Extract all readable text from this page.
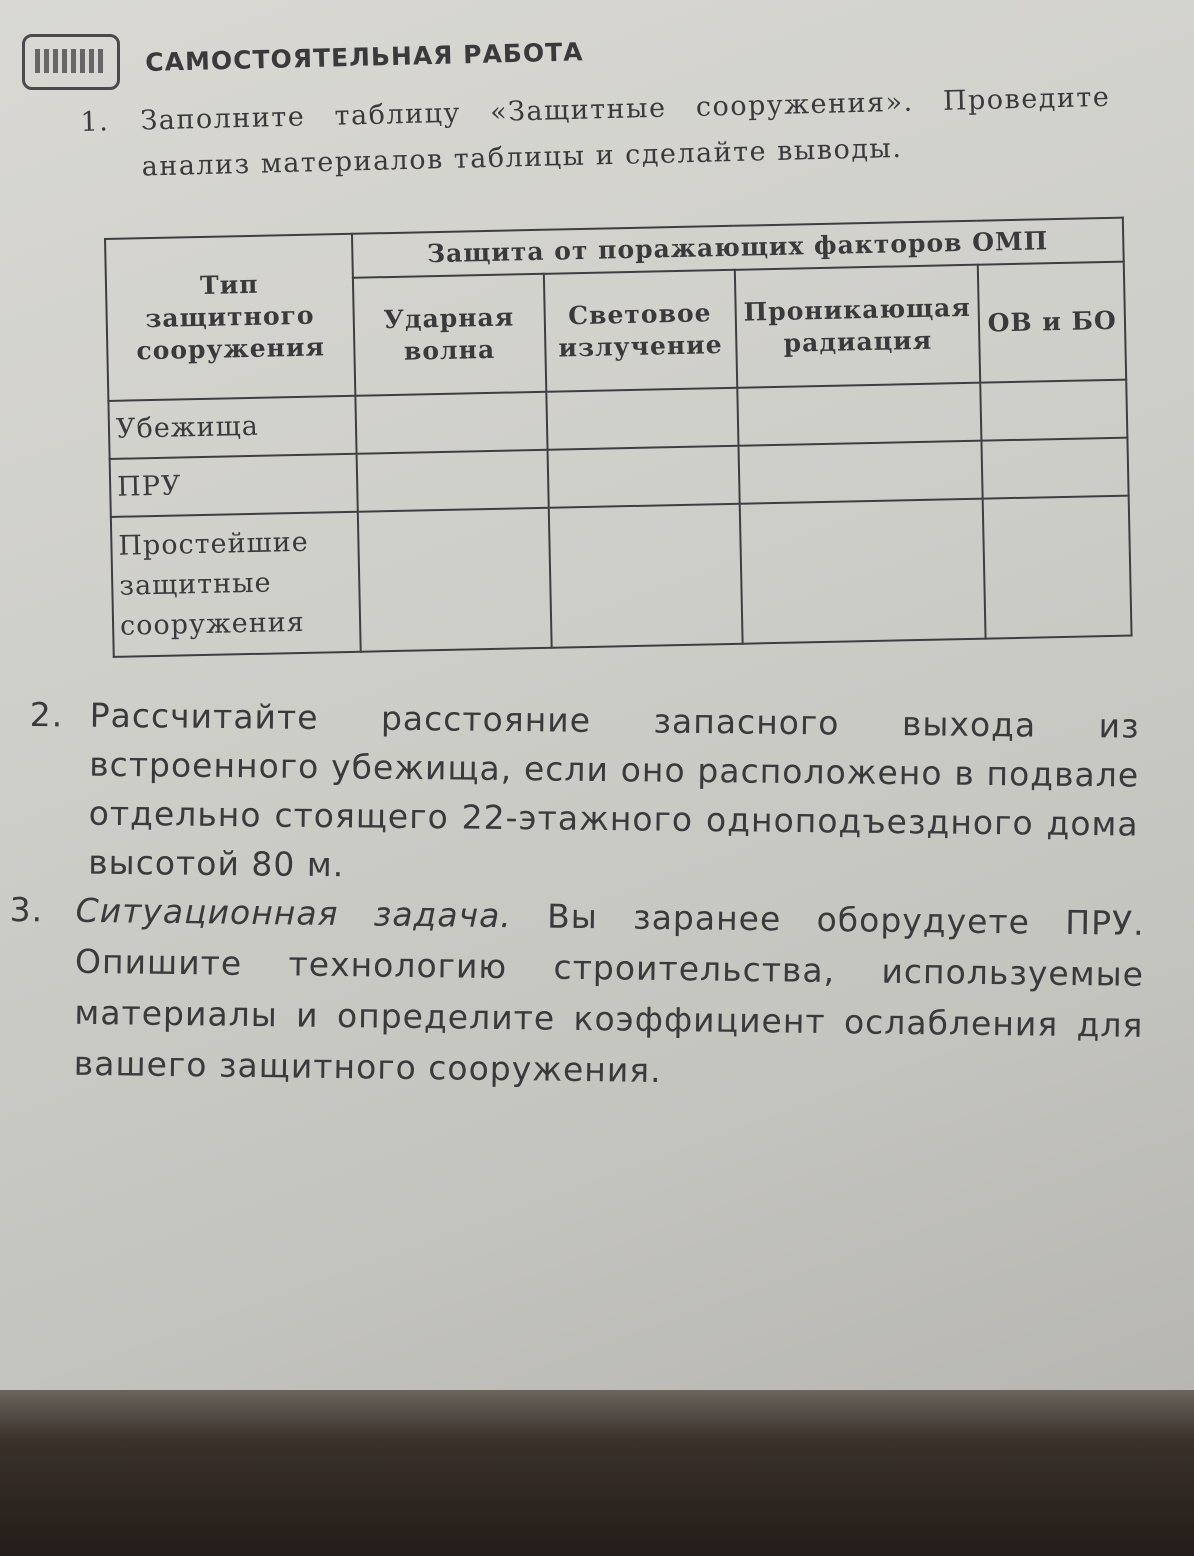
САМОСТОЯТЕЛЬНАЯ РАБОТА
1. Заполните таблицу «Защитные сооружения». Проведите анализ материалов таблицы и сделайте выводы.
Тип защитного сооружения	Защита от поражающих факторов ОМП			
	Ударная волна	Световое излучение	Проникающая радиация	ОВ и БО
Убежища				
ПРУ				
Простейшие защитные сооружения				
2. Рассчитайте расстояние запасного выхода из встроенного убежища, если оно расположено в подвале отдельно стоящего 22-этажного одноподъездного дома высотой 80 м.
3. Ситуационная задача. Вы заранее оборудуете ПРУ. Опишите технологию строительства, используемые материалы и определите коэффициент ослабления для вашего защитного сооружения.
